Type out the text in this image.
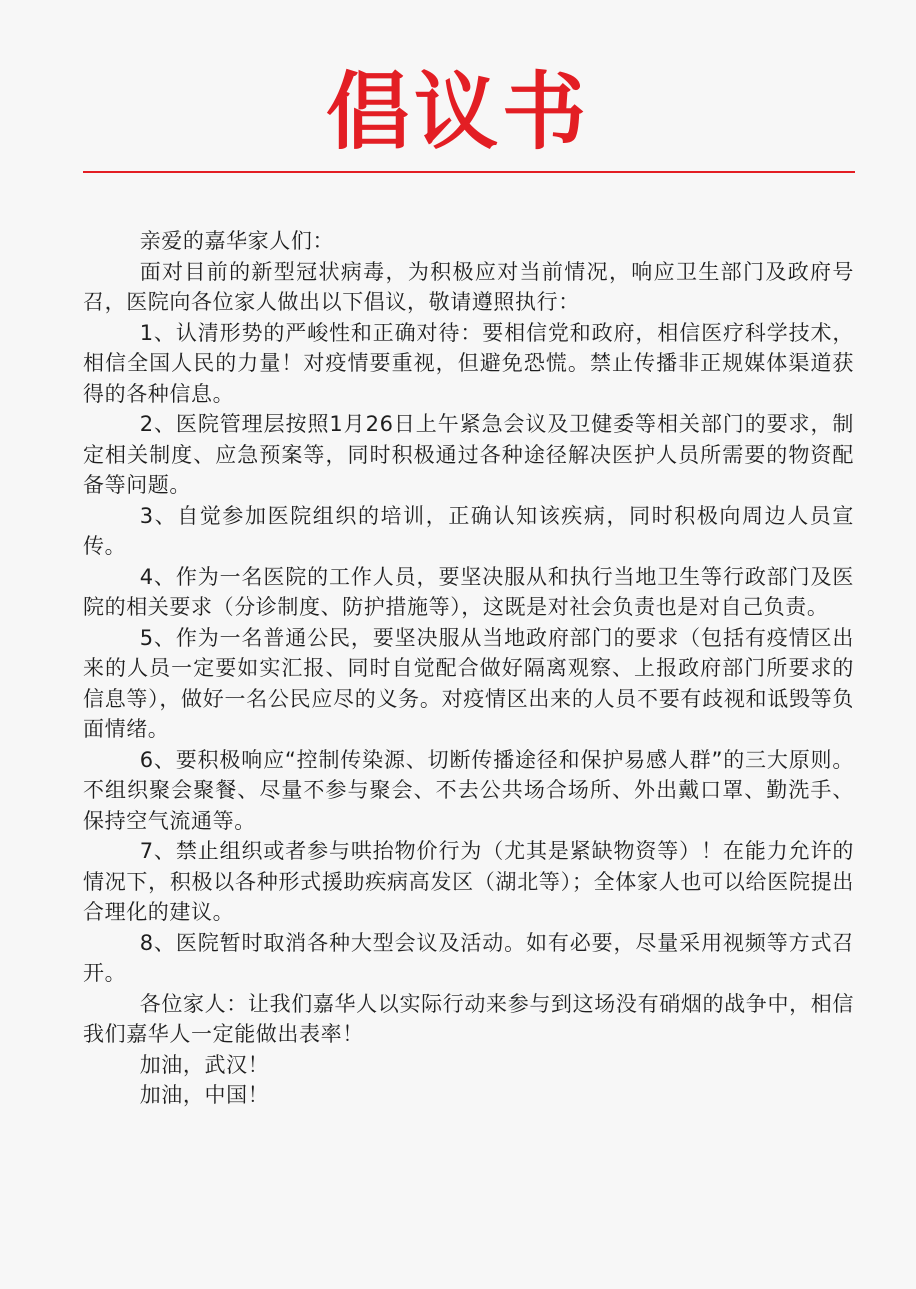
倡议书

亲爱的嘉华家人们：

面对目前的新型冠状病毒，为积极应对当前情况，响应卫生部门及政府号召，医院向各位家人做出以下倡议，敬请遵照执行：

1、认清形势的严峻性和正确对待：要相信党和政府，相信医疗科学技术，相信全国人民的力量！对疫情要重视，但避免恐慌。禁止传播非正规媒体渠道获得的各种信息。

2、医院管理层按照1月26日上午紧急会议及卫健委等相关部门的要求，制定相关制度、应急预案等，同时积极通过各种途径解决医护人员所需要的物资配备等问题。

3、自觉参加医院组织的培训，正确认知该疾病，同时积极向周边人员宣传。

4、作为一名医院的工作人员，要坚决服从和执行当地卫生等行政部门及医院的相关要求（分诊制度、防护措施等），这既是对社会负责也是对自己负责。

5、作为一名普通公民，要坚决服从当地政府部门的要求（包括有疫情区出来的人员一定要如实汇报、同时自觉配合做好隔离观察、上报政府部门所要求的信息等），做好一名公民应尽的义务。对疫情区出来的人员不要有歧视和诋毁等负面情绪。

6、要积极响应“控制传染源、切断传播途径和保护易感人群”的三大原则。不组织聚会聚餐、尽量不参与聚会、不去公共场合场所、外出戴口罩、勤洗手、保持空气流通等。

7、禁止组织或者参与哄抬物价行为（尤其是紧缺物资等）！在能力允许的情况下，积极以各种形式援助疾病高发区（湖北等）；全体家人也可以给医院提出合理化的建议。

8、医院暂时取消各种大型会议及活动。如有必要，尽量采用视频等方式召开。

各位家人：让我们嘉华人以实际行动来参与到这场没有硝烟的战争中，相信我们嘉华人一定能做出表率！

加油，武汉！

加油，中国！
